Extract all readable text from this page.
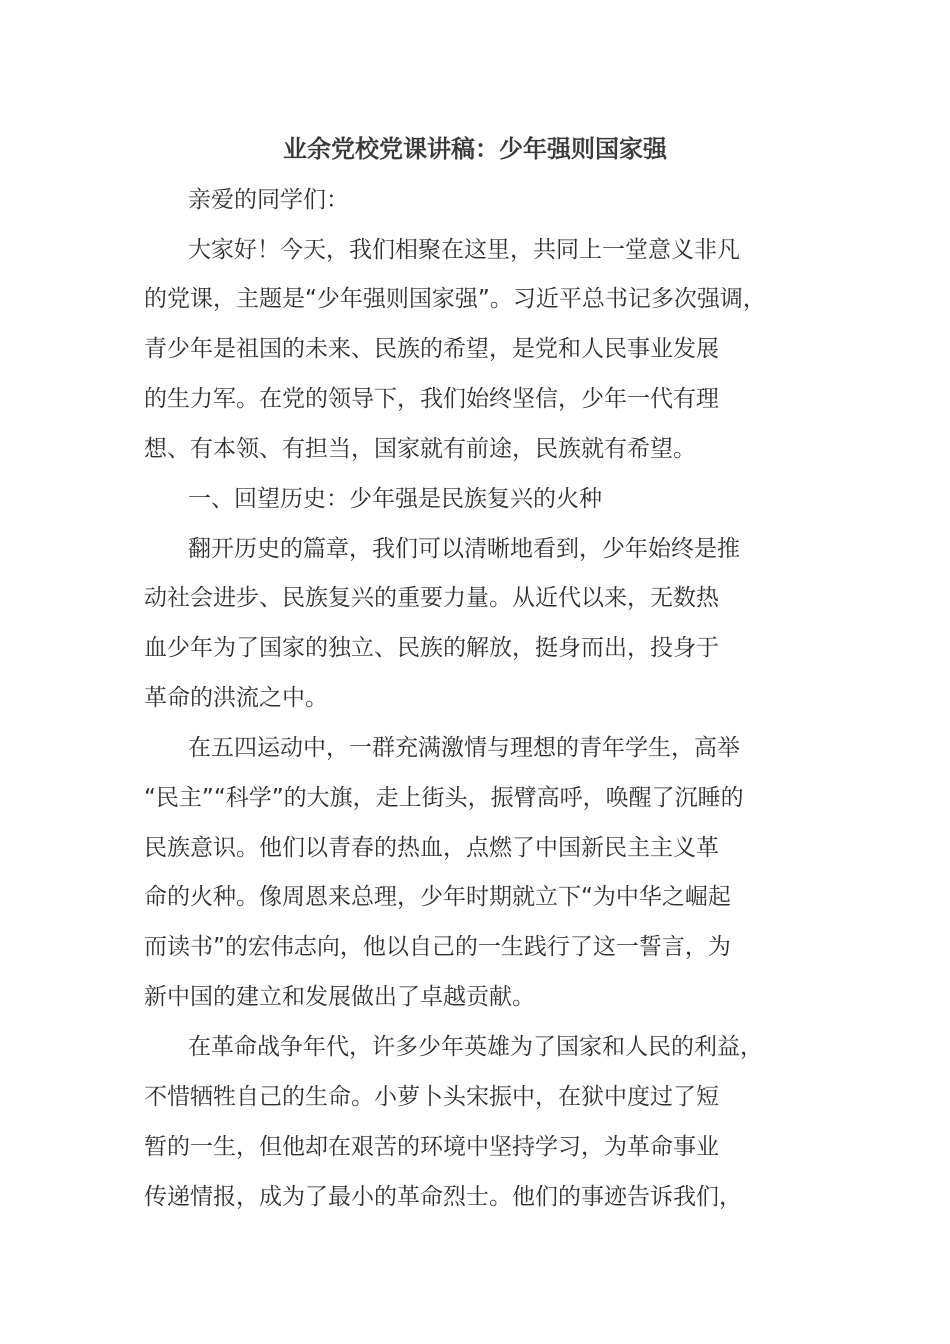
业余党校党课讲稿：少年强则国家强

亲爱的同学们：

大家好！今天，我们相聚在这里，共同上一堂意义非凡

的党课，主题是“少年强则国家强”。习近平总书记多次强调，

青少年是祖国的未来、民族的希望，是党和人民事业发展

的生力军。在党的领导下，我们始终坚信，少年一代有理

想、有本领、有担当，国家就有前途，民族就有希望。

一、回望历史：少年强是民族复兴的火种

翻开历史的篇章，我们可以清晰地看到，少年始终是推

动社会进步、民族复兴的重要力量。从近代以来，无数热

血少年为了国家的独立、民族的解放，挺身而出，投身于

革命的洪流之中。

在五四运动中，一群充满激情与理想的青年学生，高举

“民主”“科学”的大旗，走上街头，振臂高呼，唤醒了沉睡的

民族意识。他们以青春的热血，点燃了中国新民主主义革

命的火种。像周恩来总理，少年时期就立下“为中华之崛起

而读书”的宏伟志向，他以自己的一生践行了这一誓言，为

新中国的建立和发展做出了卓越贡献。

在革命战争年代，许多少年英雄为了国家和人民的利益，

不惜牺牲自己的生命。小萝卜头宋振中，在狱中度过了短

暂的一生，但他却在艰苦的环境中坚持学习，为革命事业

传递情报，成为了最小的革命烈士。他们的事迹告诉我们，
